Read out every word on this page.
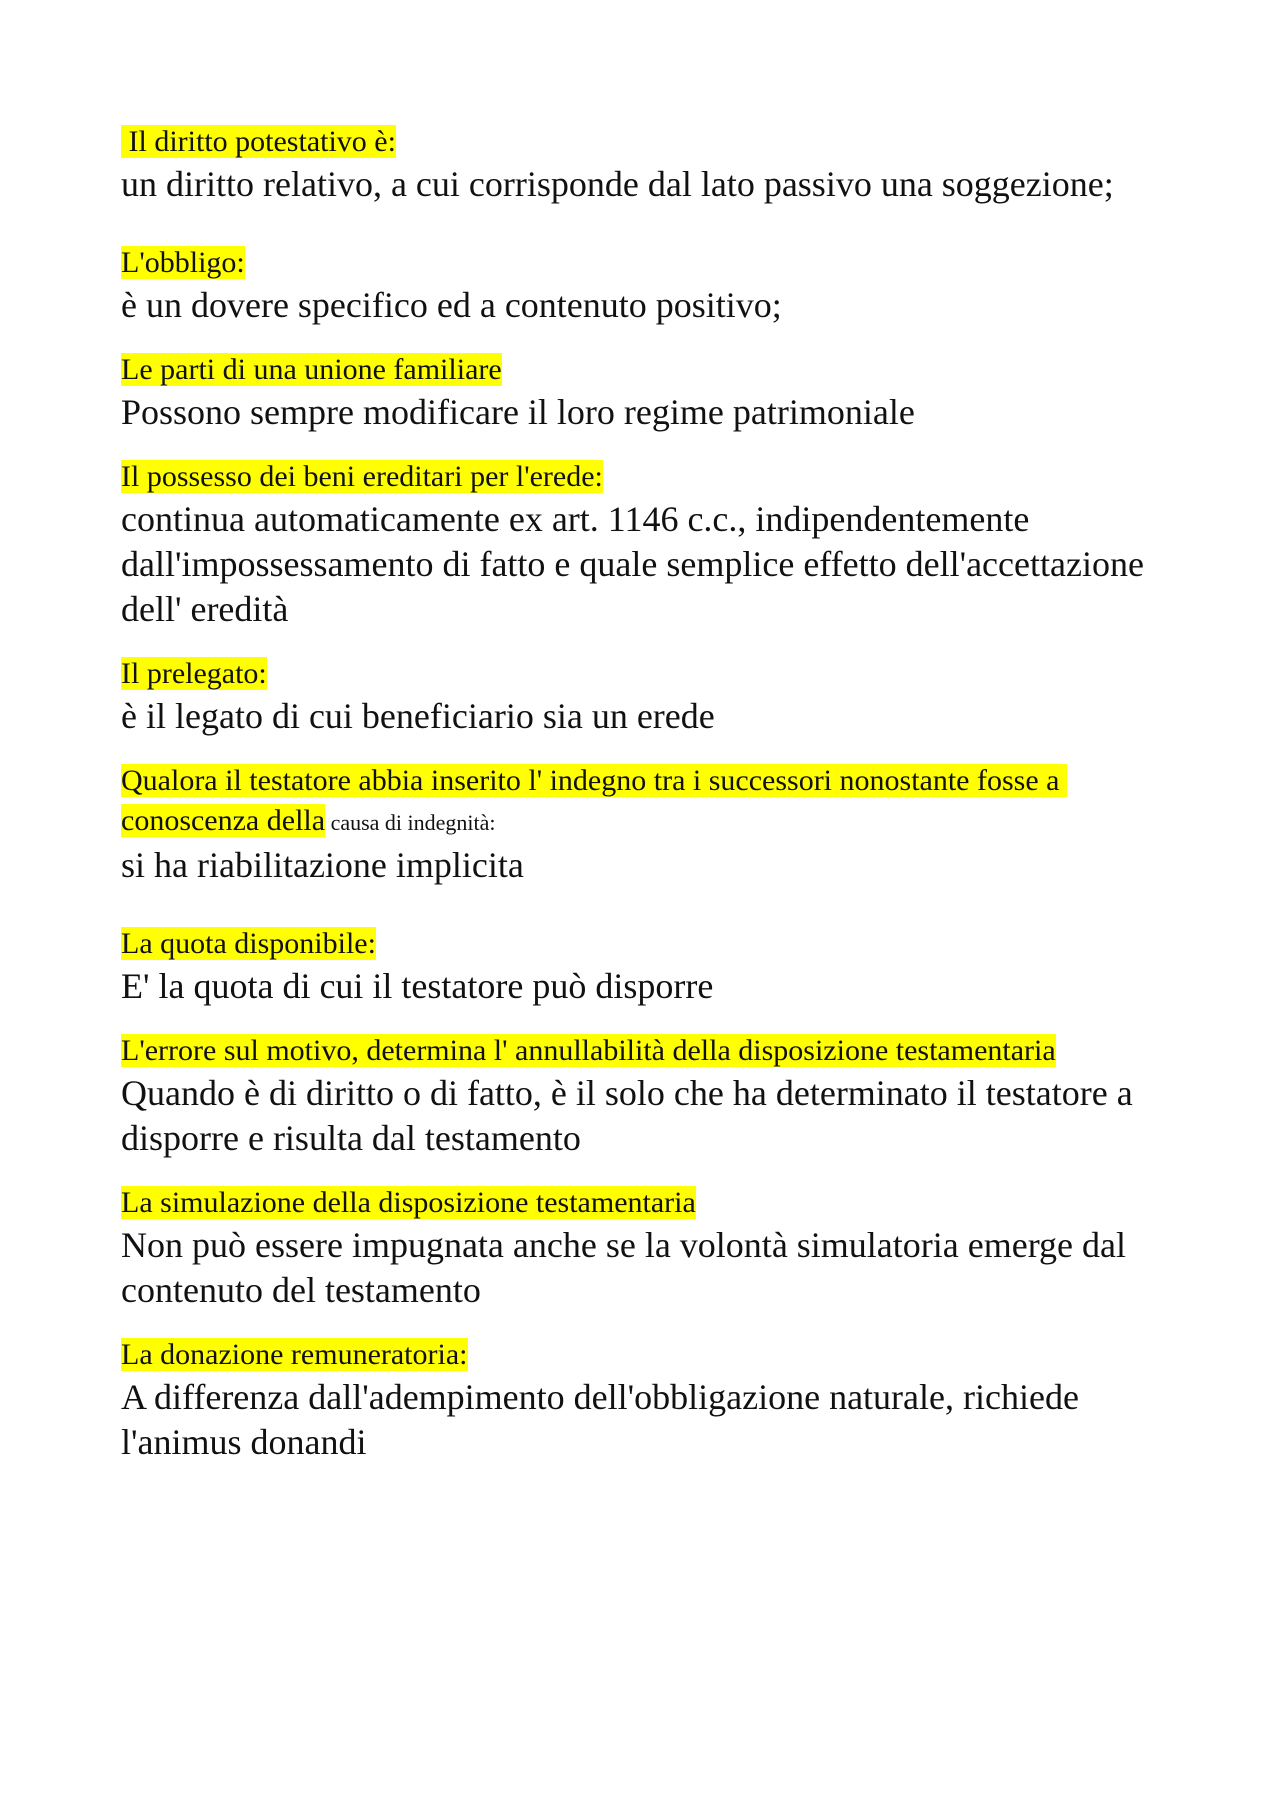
Il diritto potestativo è:

un diritto relativo, a cui corrisponde dal lato passivo una soggezione;

L'obbligo:

è un dovere specifico ed a contenuto positivo;

Le parti di una unione familiare

Possono sempre modificare il loro regime patrimoniale

Il possesso dei beni ereditari per l'erede:

continua automaticamente ex art. 1146 c.c., indipendentemente dall'impossessamento di fatto e quale semplice effetto dell'accettazione dell' eredità

Il prelegato:

è il legato di cui beneficiario sia un erede

Qualora il testatore abbia inserito l' indegno tra i successori nonostante fosse a conoscenza della causa di indegnità:

si ha riabilitazione implicita

La quota disponibile:

E' la quota di cui il testatore può disporre

L'errore sul motivo, determina l' annullabilità della disposizione testamentaria

Quando è di diritto o di fatto, è il solo che ha determinato il testatore a disporre e risulta dal testamento

La simulazione della disposizione testamentaria

Non può essere impugnata anche se la volontà simulatoria emerge dal contenuto del testamento

La donazione remuneratoria:

A differenza dall'adempimento dell'obbligazione naturale, richiede l'animus donandi
